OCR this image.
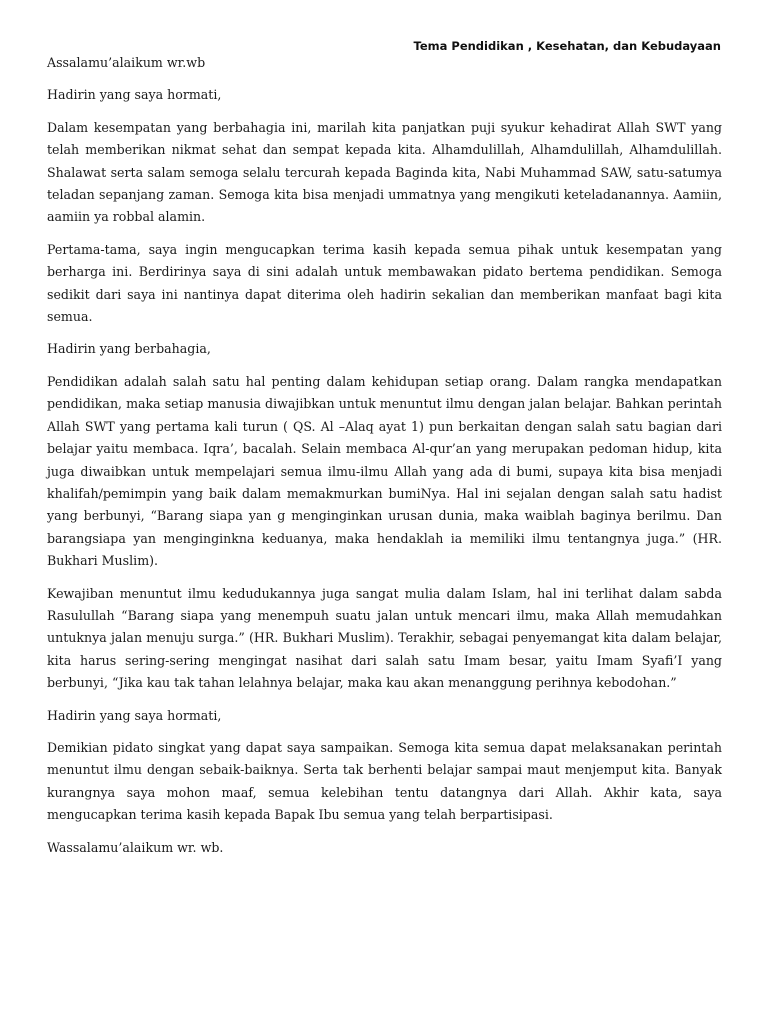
Tema Pendidikan , Kesehatan, dan Kebudayaan

Assalamu’alaikum wr.wb

Hadirin yang saya hormati,

Dalam kesempatan yang berbahagia ini, marilah kita panjatkan puji syukur kehadirat Allah SWT yang telah memberikan nikmat sehat dan sempat kepada kita. Alhamdulillah, Alhamdulillah, Alhamdulillah. Shalawat serta salam semoga selalu tercurah kepada Baginda kita, Nabi Muhammad SAW, satu-satumya teladan sepanjang zaman. Semoga kita bisa menjadi ummatnya yang mengikuti keteladanannya. Aamiin, aamiin ya robbal alamin.

Pertama-tama, saya ingin mengucapkan terima kasih kepada semua pihak untuk kesempatan yang berharga ini. Berdirinya saya di sini adalah untuk membawakan pidato bertema pendidikan. Semoga sedikit dari saya ini nantinya dapat diterima oleh hadirin sekalian dan memberikan manfaat bagi kita semua.

Hadirin yang berbahagia,

Pendidikan adalah salah satu hal penting dalam kehidupan setiap orang. Dalam rangka mendapatkan pendidikan, maka setiap manusia diwajibkan untuk menuntut ilmu dengan jalan belajar. Bahkan perintah Allah SWT yang pertama kali turun ( QS. Al –Alaq ayat 1) pun berkaitan dengan salah satu bagian dari belajar yaitu membaca. Iqra’, bacalah. Selain membaca Al-qur’an yang merupakan pedoman hidup, kita juga diwaibkan untuk mempelajari semua ilmu-ilmu Allah yang ada di bumi, supaya kita bisa menjadi khalifah/pemimpin yang baik dalam memakmurkan bumiNya. Hal ini sejalan dengan salah satu hadist yang berbunyi, “Barang siapa yan g menginginkan urusan dunia, maka waiblah baginya berilmu. Dan barangsiapa yan menginginkna keduanya, maka hendaklah ia memiliki ilmu tentangnya juga.” (HR. Bukhari Muslim).

Kewajiban menuntut ilmu kedudukannya juga sangat mulia dalam Islam, hal ini terlihat dalam sabda Rasulullah “Barang siapa yang menempuh suatu jalan untuk mencari ilmu, maka Allah memudahkan untuknya jalan menuju surga.” (HR. Bukhari Muslim). Terakhir, sebagai penyemangat kita dalam belajar, kita harus sering-sering mengingat nasihat dari salah satu Imam besar, yaitu Imam Syafi’I yang berbunyi, “Jika kau tak tahan lelahnya belajar, maka kau akan menanggung perihnya kebodohan.”

Hadirin yang saya hormati,

Demikian pidato singkat yang dapat saya sampaikan. Semoga kita semua dapat melaksanakan perintah menuntut ilmu dengan sebaik-baiknya. Serta tak berhenti belajar sampai maut menjemput kita. Banyak kurangnya saya mohon maaf, semua kelebihan tentu datangnya dari Allah. Akhir kata, saya mengucapkan terima kasih kepada Bapak Ibu semua yang telah berpartisipasi.

Wassalamu’alaikum wr. wb.
